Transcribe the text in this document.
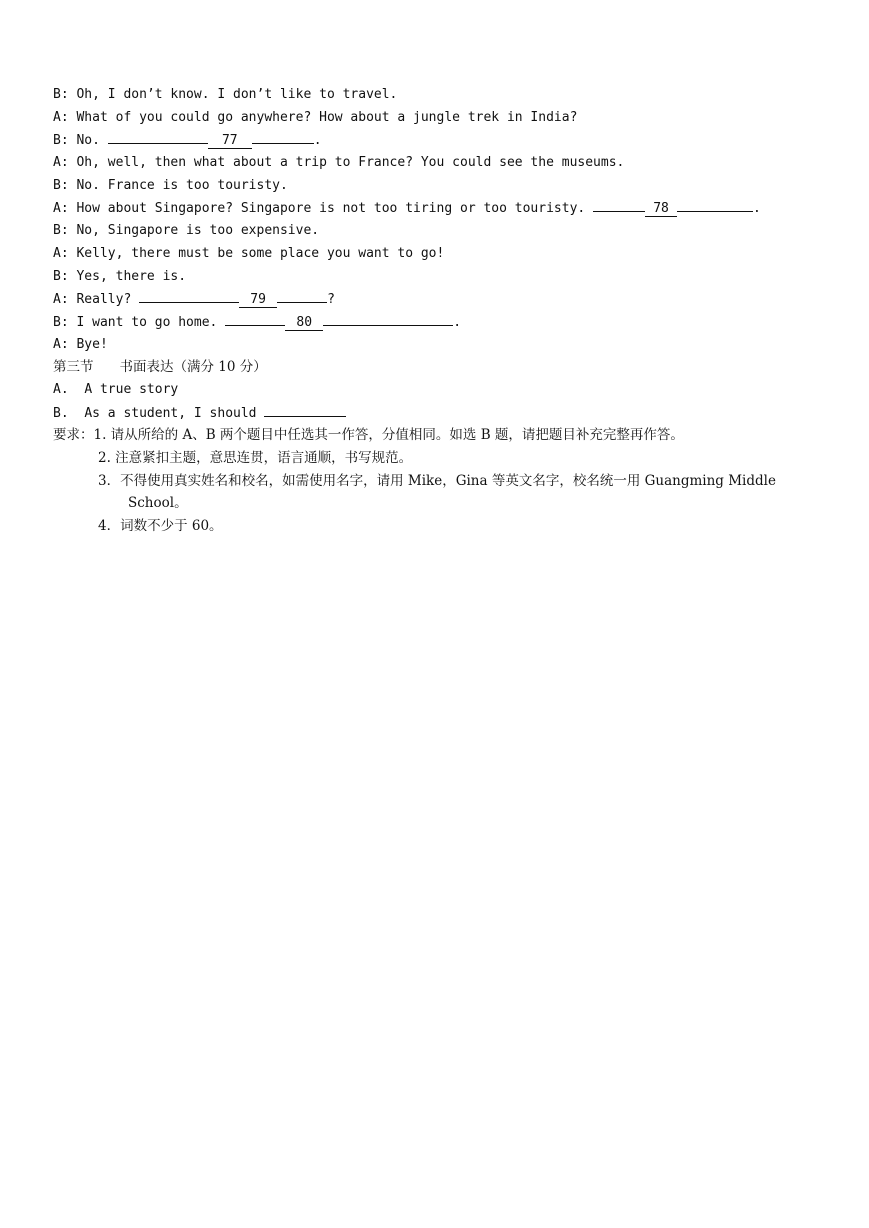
B: Oh, I don’t know. I don’t like to travel.
A: What of you could go anywhere? How about a jungle trek in India?
B: No.	77	.
A: Oh, well, then what about a trip to France? You could see the museums.
B: No. France is too touristy.
A: How about Singapore? Singapore is not too tiring or too touristy.	78	.
B: No, Singapore is too expensive.
A: Kelly, there must be some place you want to go!
B: Yes, there is.
A: Really?	79	?
B: I want to go home.	80	.
A: Bye!
第三节 书面表达（满分 10 分）
A. A true story
B. As a student, I should
要求：1. 请从所给的 A、B 两个题目中任选其一作答，分值相同。如选 B 题，请把题目补充完整再作答。
2. 注意紧扣主题，意思连贯，语言通顺，书写规范。
3．不得使用真实姓名和校名，如需使用名字，请用 Mike，Gina 等英文名字，校名统一用 Guangming Middle
School。
4．词数不少于 60。
